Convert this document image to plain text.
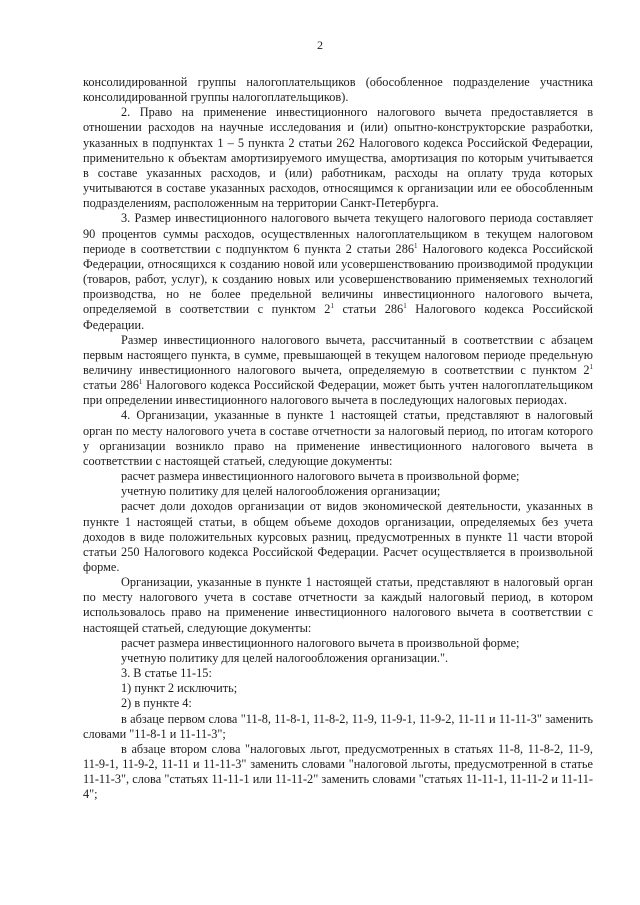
2

консолидированной группы налогоплательщиков (обособленное подразделение участника консолидированной группы налогоплательщиков).

2. Право на применение инвестиционного налогового вычета предоставляется в отношении расходов на научные исследования и (или) опытно-конструкторские разработки, указанных в подпунктах 1 – 5 пункта 2 статьи 262 Налогового кодекса Российской Федерации, применительно к объектам амортизируемого имущества, амортизация по которым учитывается в составе указанных расходов, и (или) работникам, расходы на оплату труда которых учитываются в составе указанных расходов, относящимся к организации или ее обособленным подразделениям, расположенным на территории Санкт-Петербурга.

3. Размер инвестиционного налогового вычета текущего налогового периода составляет 90 процентов суммы расходов, осуществленных налогоплательщиком в текущем налоговом периоде в соответствии с подпунктом 6 пункта 2 статьи $286^1$ Налогового кодекса Российской Федерации, относящихся к созданию новой или усовершенствованию производимой продукции (товаров, работ, услуг), к созданию новых или усовершенствованию применяемых технологий производства, но не более предельной величины инвестиционного налогового вычета, определяемой в соответствии с пунктом $2^1$ статьи $286^1$ Налогового кодекса Российской Федерации.

Размер инвестиционного налогового вычета, рассчитанный в соответствии с абзацем первым настоящего пункта, в сумме, превышающей в текущем налоговом периоде предельную величину инвестиционного налогового вычета, определяемую в соответствии с пунктом $2^1$ статьи $286^1$ Налогового кодекса Российской Федерации, может быть учтен налогоплательщиком при определении инвестиционного налогового вычета в последующих налоговых периодах.

4. Организации, указанные в пункте 1 настоящей статьи, представляют в налоговый орган по месту налогового учета в составе отчетности за налоговый период, по итогам которого у организации возникло право на применение инвестиционного налогового вычета в соответствии с настоящей статьей, следующие документы:

расчет размера инвестиционного налогового вычета в произвольной форме;

учетную политику для целей налогообложения организации;

расчет доли доходов организации от видов экономической деятельности, указанных в пункте 1 настоящей статьи, в общем объеме доходов организации, определяемых без учета доходов в виде положительных курсовых разниц, предусмотренных в пункте 11 части второй статьи 250 Налогового кодекса Российской Федерации. Расчет осуществляется в произвольной форме.

Организации, указанные в пункте 1 настоящей статьи, представляют в налоговый орган по месту налогового учета в составе отчетности за каждый налоговый период, в котором использовалось право на применение инвестиционного налогового вычета в соответствии с настоящей статьей, следующие документы:

расчет размера инвестиционного налогового вычета в произвольной форме;

учетную политику для целей налогообложения организации.".

3. В статье 11-15:

1) пункт 2 исключить;

2) в пункте 4:

в абзаце первом слова "11-8, 11-8-1, 11-8-2, 11-9, 11-9-1, 11-9-2, 11-11 и 11-11-3" заменить словами "11-8-1 и 11-11-3";

в абзаце втором слова "налоговых льгот, предусмотренных в статьях 11-8, 11-8-2, 11-9, 11-9-1, 11-9-2, 11-11 и 11-11-3" заменить словами "налоговой льготы, предусмотренной в статье 11-11-3", слова "статьях 11-11-1 или 11-11-2" заменить словами "статьях 11-11-1, 11-11-2 и 11-11-4";
